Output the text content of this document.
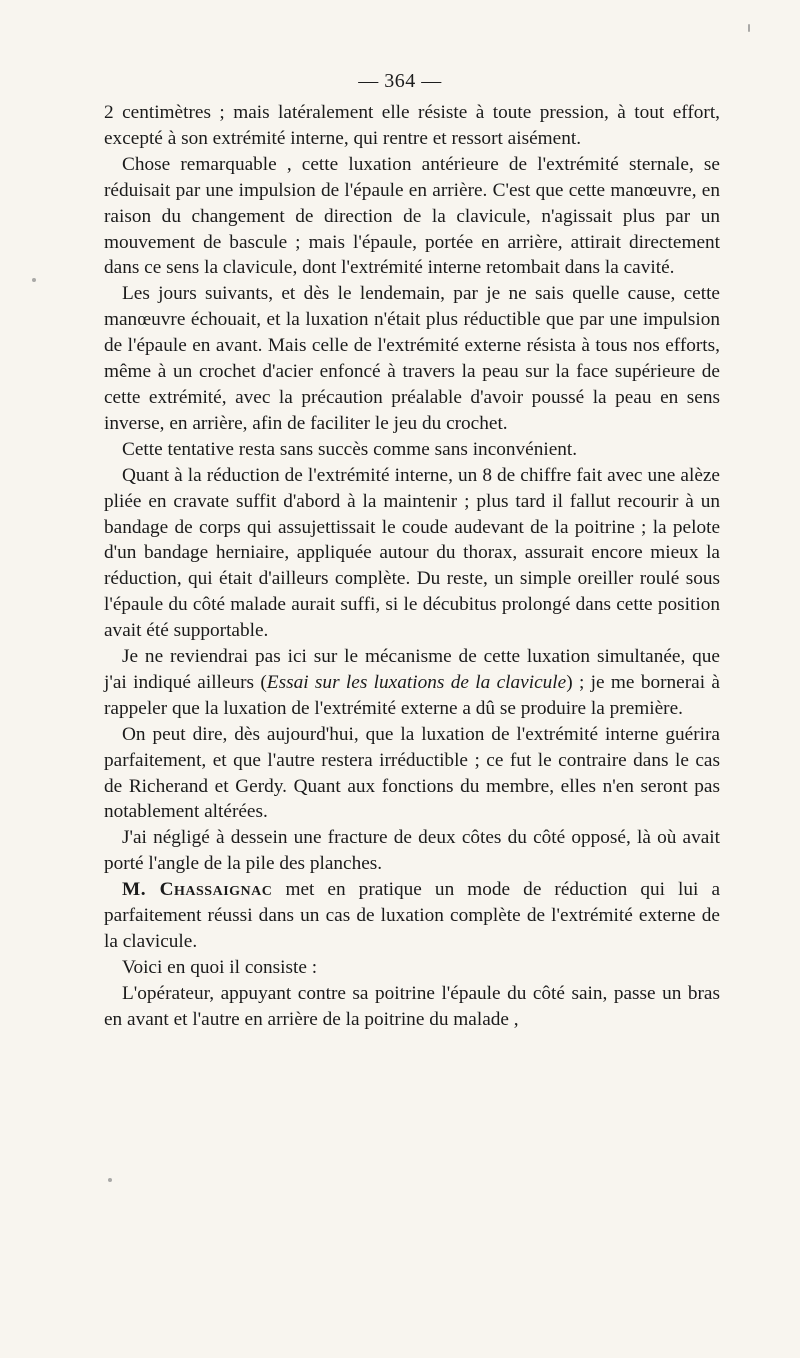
— 364 —

2 centimètres ; mais latéralement elle résiste à toute pression, à tout effort, excepté à son extrémité interne, qui rentre et ressort aisément.

Chose remarquable , cette luxation antérieure de l'extrémité sternale, se réduisait par une impulsion de l'épaule en arrière. C'est que cette manœuvre, en raison du changement de direction de la clavicule, n'agissait plus par un mouvement de bascule ; mais l'épaule, portée en arrière, attirait directement dans ce sens la clavicule, dont l'extrémité interne retombait dans la cavité.

Les jours suivants, et dès le lendemain, par je ne sais quelle cause, cette manœuvre échouait, et la luxation n'était plus réductible que par une impulsion de l'épaule en avant. Mais celle de l'extrémité externe résista à tous nos efforts, même à un crochet d'acier enfoncé à travers la peau sur la face supérieure de cette extrémité, avec la précaution préalable d'avoir poussé la peau en sens inverse, en arrière, afin de faciliter le jeu du crochet.

Cette tentative resta sans succès comme sans inconvénient.

Quant à la réduction de l'extrémité interne, un 8 de chiffre fait avec une alèze pliée en cravate suffit d'abord à la maintenir ; plus tard il fallut recourir à un bandage de corps qui assujettissait le coude audevant de la poitrine ; la pelote d'un bandage herniaire, appliquée autour du thorax, assurait encore mieux la réduction, qui était d'ailleurs complète. Du reste, un simple oreiller roulé sous l'épaule du côté malade aurait suffi, si le décubitus prolongé dans cette position avait été supportable.

Je ne reviendrai pas ici sur le mécanisme de cette luxation simultanée, que j'ai indiqué ailleurs (Essai sur les luxations de la clavicule) ; je me bornerai à rappeler que la luxation de l'extrémité externe a dû se produire la première.

On peut dire, dès aujourd'hui, que la luxation de l'extrémité interne guérira parfaitement, et que l'autre restera irréductible ; ce fut le contraire dans le cas de Richerand et Gerdy. Quant aux fonctions du membre, elles n'en seront pas notablement altérées.

J'ai négligé à dessein une fracture de deux côtes du côté opposé, là où avait porté l'angle de la pile des planches.

M. Chassaignac met en pratique un mode de réduction qui lui a parfaitement réussi dans un cas de luxation complète de l'extrémité externe de la clavicule.

Voici en quoi il consiste :

L'opérateur, appuyant contre sa poitrine l'épaule du côté sain, passe un bras en avant et l'autre en arrière de la poitrine du malade ,
